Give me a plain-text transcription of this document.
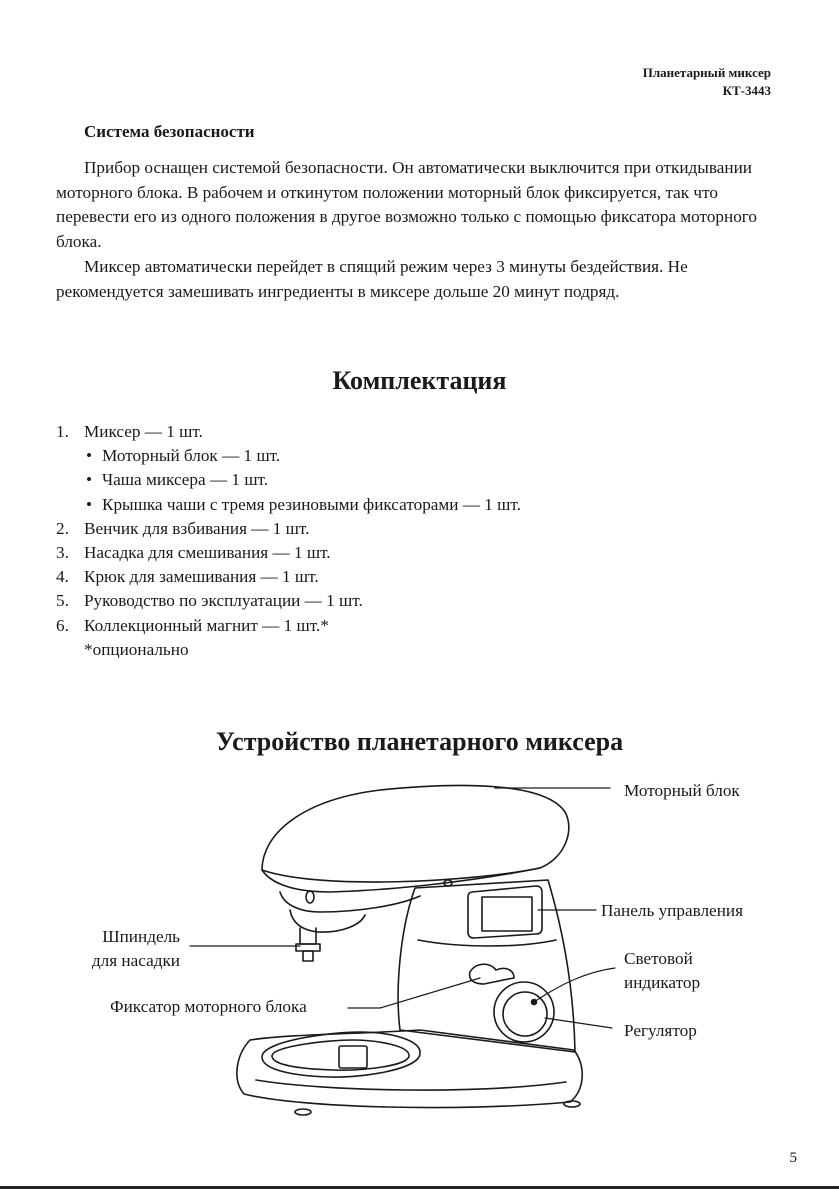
Планетарный миксер
КТ-3443
Система безопасности

Прибор оснащен системой безопасности. Он автоматически выключится при откидывании моторного блока. В рабочем и откинутом положении моторный блок фиксируется, так что перевести его из одного положения в другое возможно только с помощью фиксатора моторного блока.

Миксер автоматически перейдет в спящий режим через 3 минуты бездействия. Не рекомендуется замешивать ингредиенты в миксере дольше 20 минут подряд.

Комплектация
1. Миксер — 1 шт.
• Моторный блок — 1 шт.
• Чаша миксера — 1 шт.
• Крышка чаши с тремя резиновыми фиксаторами — 1 шт.
2. Венчик для взбивания — 1 шт.
3. Насадка для смешивания — 1 шт.
4. Крюк для замешивания — 1 шт.
5. Руководство по эксплуатации — 1 шт.
6. Коллекционный магнит — 1 шт.*
*опционально
Устройство планетарного миксера
Моторный блок
Панель управления
Шпиндель
для насадки	Световой
индикатор
Фиксатор моторного блока
Регулятор
5
